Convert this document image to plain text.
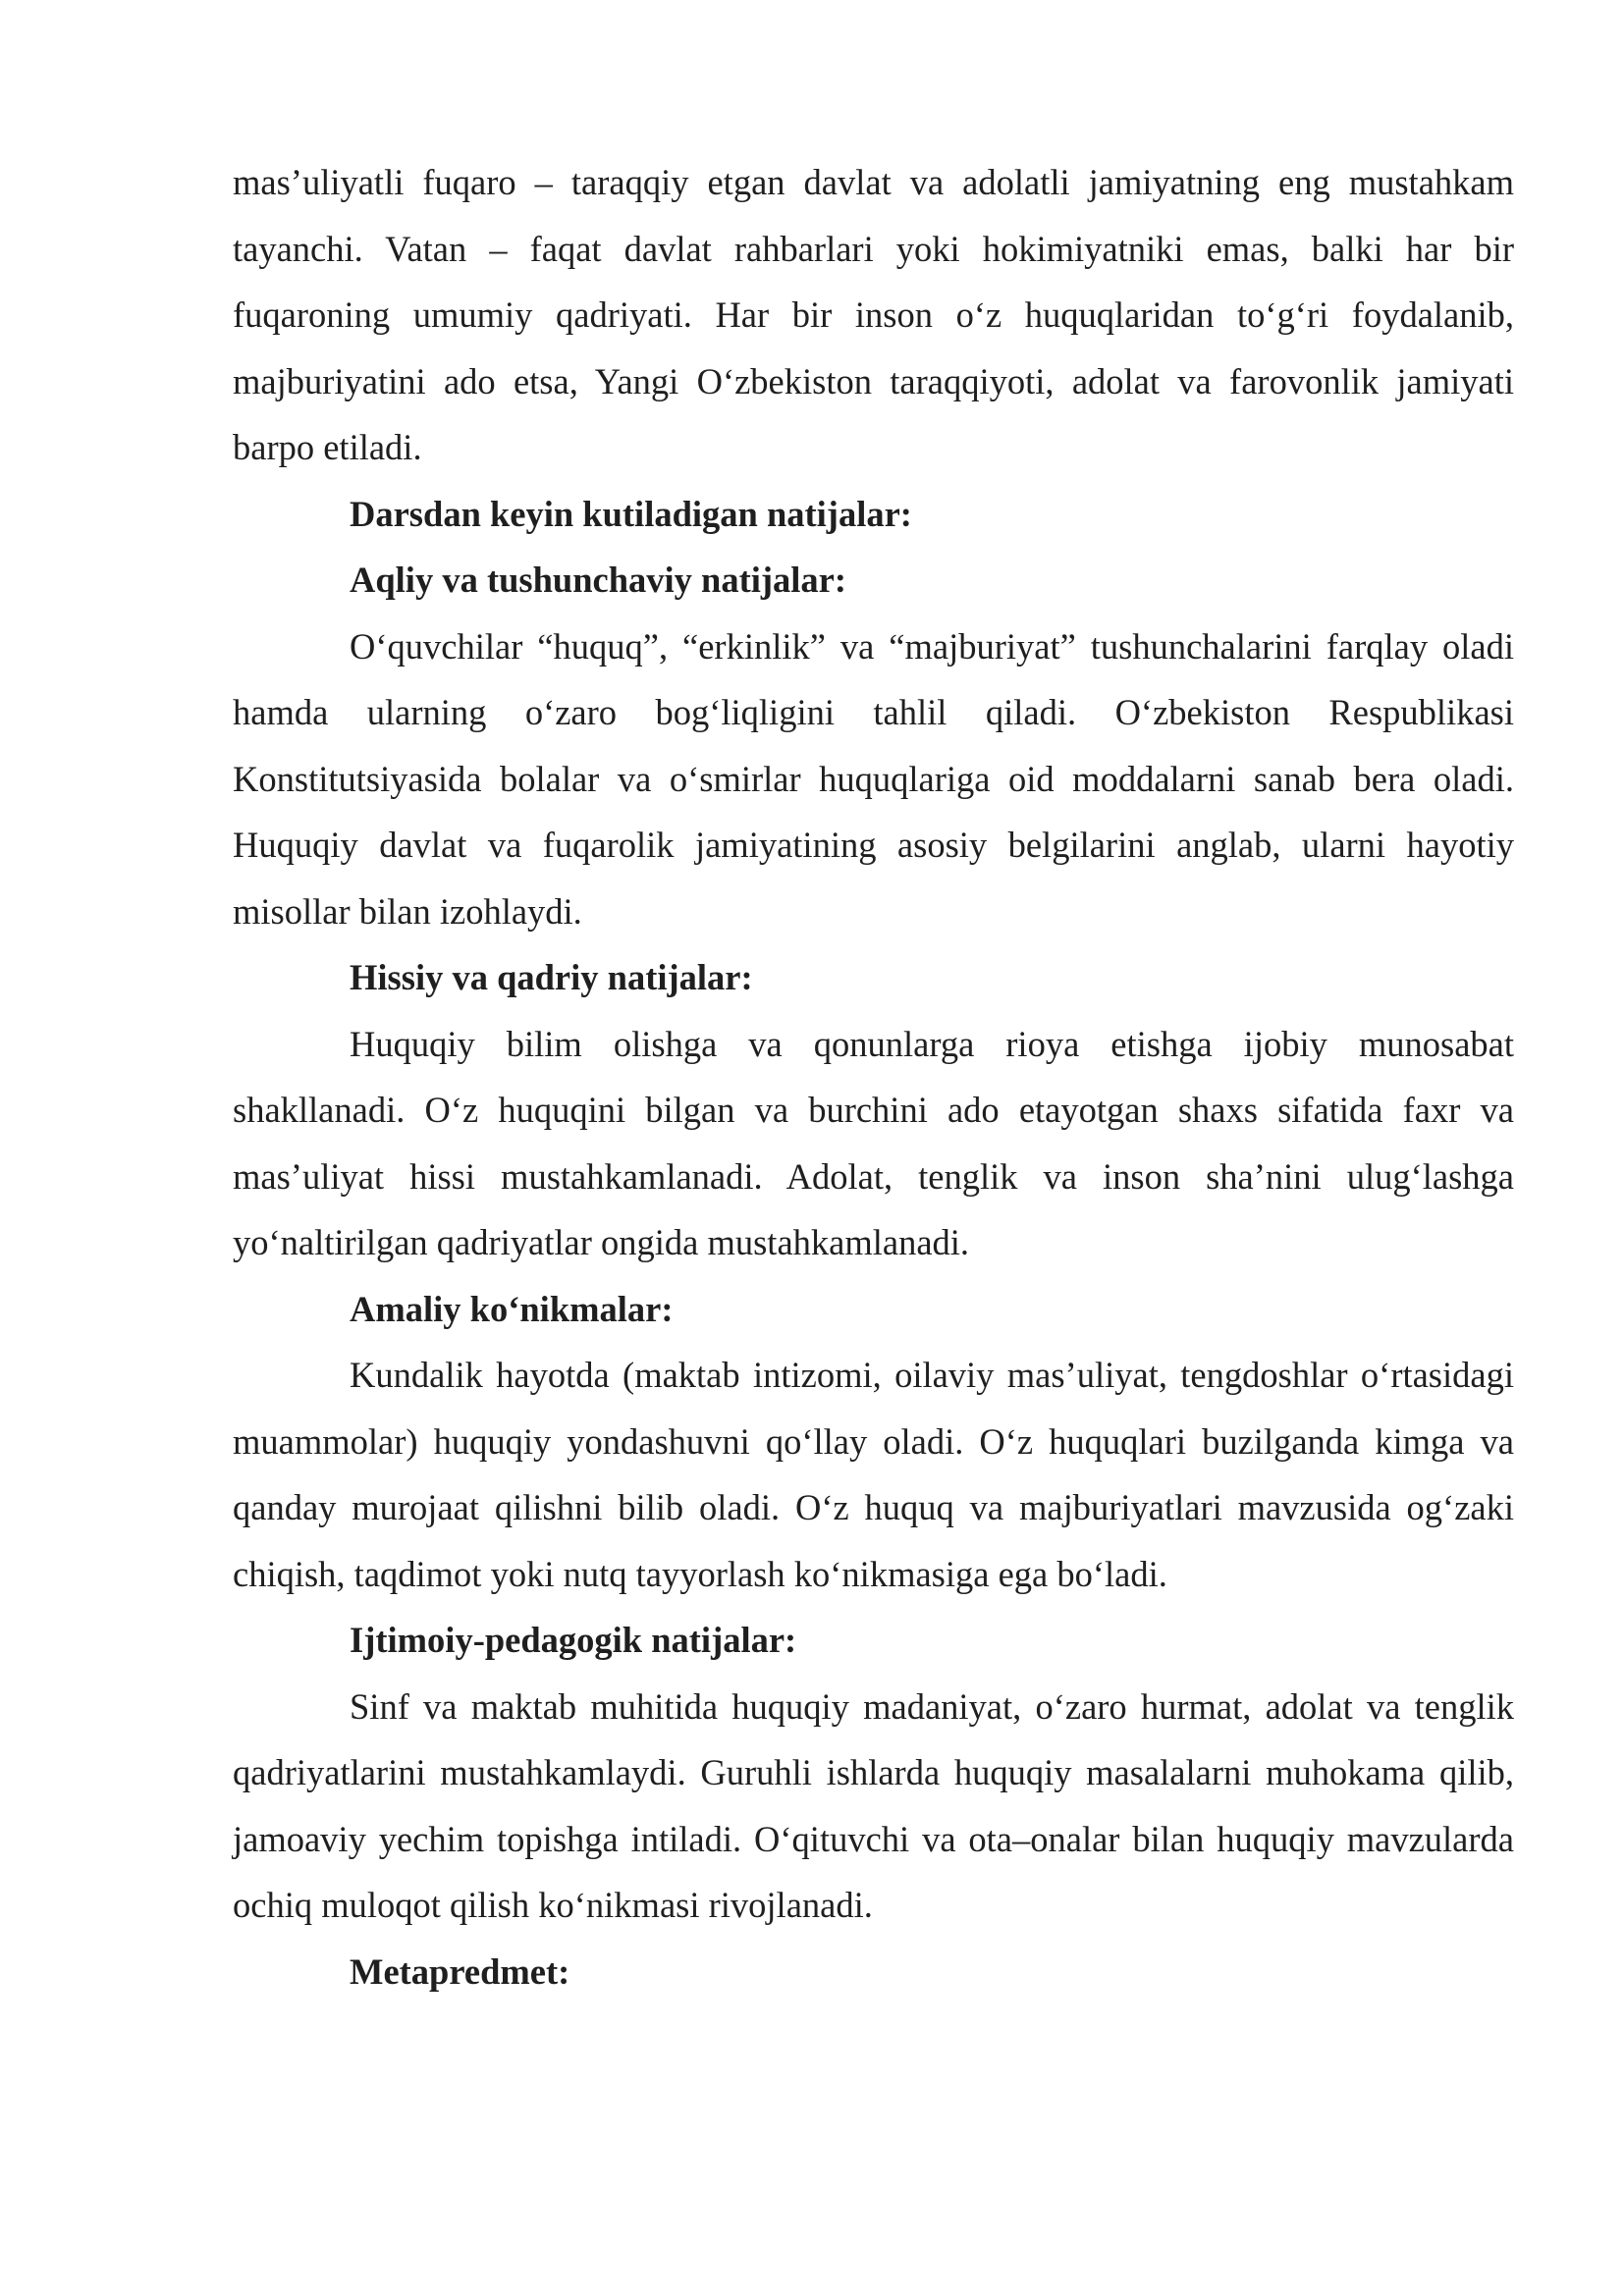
mas’uliyatli fuqaro – taraqqiy etgan davlat va adolatli jamiyatning eng mustahkam tayanchi. Vatan – faqat davlat rahbarlari yoki hokimiyatniki emas, balki har bir fuqaroning umumiy qadriyati. Har bir inson o‘z huquqlaridan to‘g‘ri foydalanib, majburiyatini ado etsa, Yangi O‘zbekiston taraqqiyoti, adolat va farovonlik jamiyati barpo etiladi.

Darsdan keyin kutiladigan natijalar:

Aqliy va tushunchaviy natijalar:

O‘quvchilar “huquq”, “erkinlik” va “majburiyat” tushunchalarini farqlay oladi hamda ularning o‘zaro bog‘liqligini tahlil qiladi. O‘zbekiston Respublikasi Konstitutsiyasida bolalar va o‘smirlar huquqlariga oid moddalarni sanab bera oladi. Huquqiy davlat va fuqarolik jamiyatining asosiy belgilarini anglab, ularni hayotiy misollar bilan izohlaydi.

Hissiy va qadriy natijalar:

Huquqiy bilim olishga va qonunlarga rioya etishga ijobiy munosabat shakllanadi. O‘z huquqini bilgan va burchini ado etayotgan shaxs sifatida faxr va mas’uliyat hissi mustahkamlanadi. Adolat, tenglik va inson sha’nini ulug‘lashga yo‘naltirilgan qadriyatlar ongida mustahkamlanadi.

Amaliy ko‘nikmalar:

Kundalik hayotda (maktab intizomi, oilaviy mas’uliyat, tengdoshlar o‘rtasidagi muammolar) huquqiy yondashuvni qo‘llay oladi. O‘z huquqlari buzilganda kimga va qanday murojaat qilishni bilib oladi. O‘z huquq va majburiyatlari mavzusida og‘zaki chiqish, taqdimot yoki nutq tayyorlash ko‘nikmasiga ega bo‘ladi.

Ijtimoiy-pedagogik natijalar:

Sinf va maktab muhitida huquqiy madaniyat, o‘zaro hurmat, adolat va tenglik qadriyatlarini mustahkamlaydi. Guruhli ishlarda huquqiy masalalarni muhokama qilib, jamoaviy yechim topishga intiladi. O‘qituvchi va ota–onalar bilan huquqiy mavzularda ochiq muloqot qilish ko‘nikmasi rivojlanadi.

Metapredmet:
